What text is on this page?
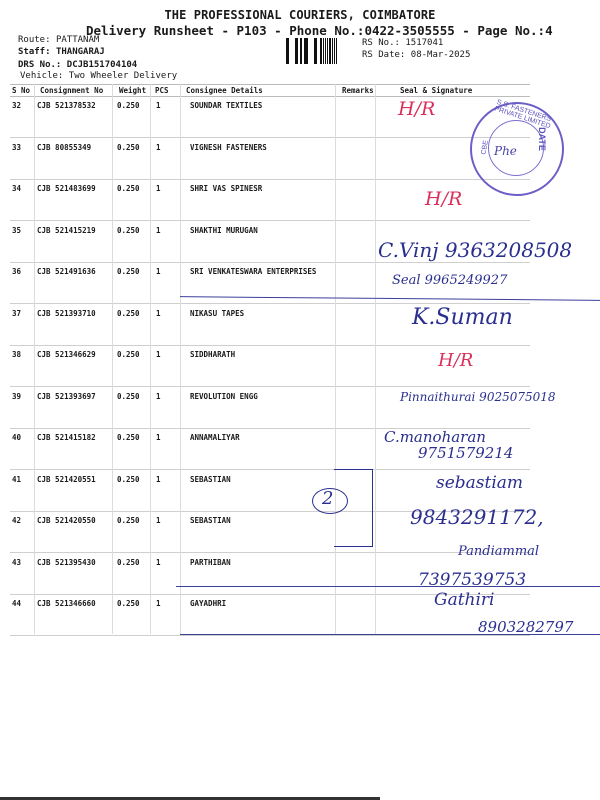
THE PROFESSIONAL COURIERS, COIMBATORE
Delivery Runsheet - P103 - Phone No.:0422-3505555 - Page No.:4
Route: PATTANAM
Staff: THANGARAJ
DRS No.: DCJB151704104
Vehicle: Two Wheeler Delivery
RS No.: 1517041
RS Date: 08-Mar-2025
S No Consignment No Weight PCS Consignee Details	Remarks	Seal & Signature
32 CJB 521378532	0.250 1	SOUNDAR TEXTILES
33 CJB 80855349	0.250 1	VIGNESH FASTENERS
34 CJB 521483699	0.250 1	SHRI VAS SPINESR
35 CJB 521415219	0.250 1	SHAKTHI MURUGAN
36 CJB 521491636	0.250 1	SRI VENKATESWARA ENTERPRISES
37 CJB 521393710	0.250 1	NIKASU TAPES
38 CJB 521346629	0.250 1	SIDDHARATH
39 CJB 521393697	0.250 1	REVOLUTION ENGG
40 CJB 521415182	0.250 1	ANNAMALIYAR
41 CJB 521420551	0.250 1	SEBASTIAN
42 CJB 521420550	0.250 1	SEBASTIAN
43 CJB 521395430	0.250 1	PARTHIBAN
44 CJB 521346660	0.250 1	GAYADHRI
H/R	S.S. FASTENERS PRIVATE LIMITED
DATE
CBE Phe
H/R
C.Vinj 9363208508
Seal 9965249927
K.Suman
H/R
Pinnaithurai 9025075018
C.manoharan
9751579214
2
sebastiam
9843291172,
Pandiammal
7397539753
Gathiri
8903282797
